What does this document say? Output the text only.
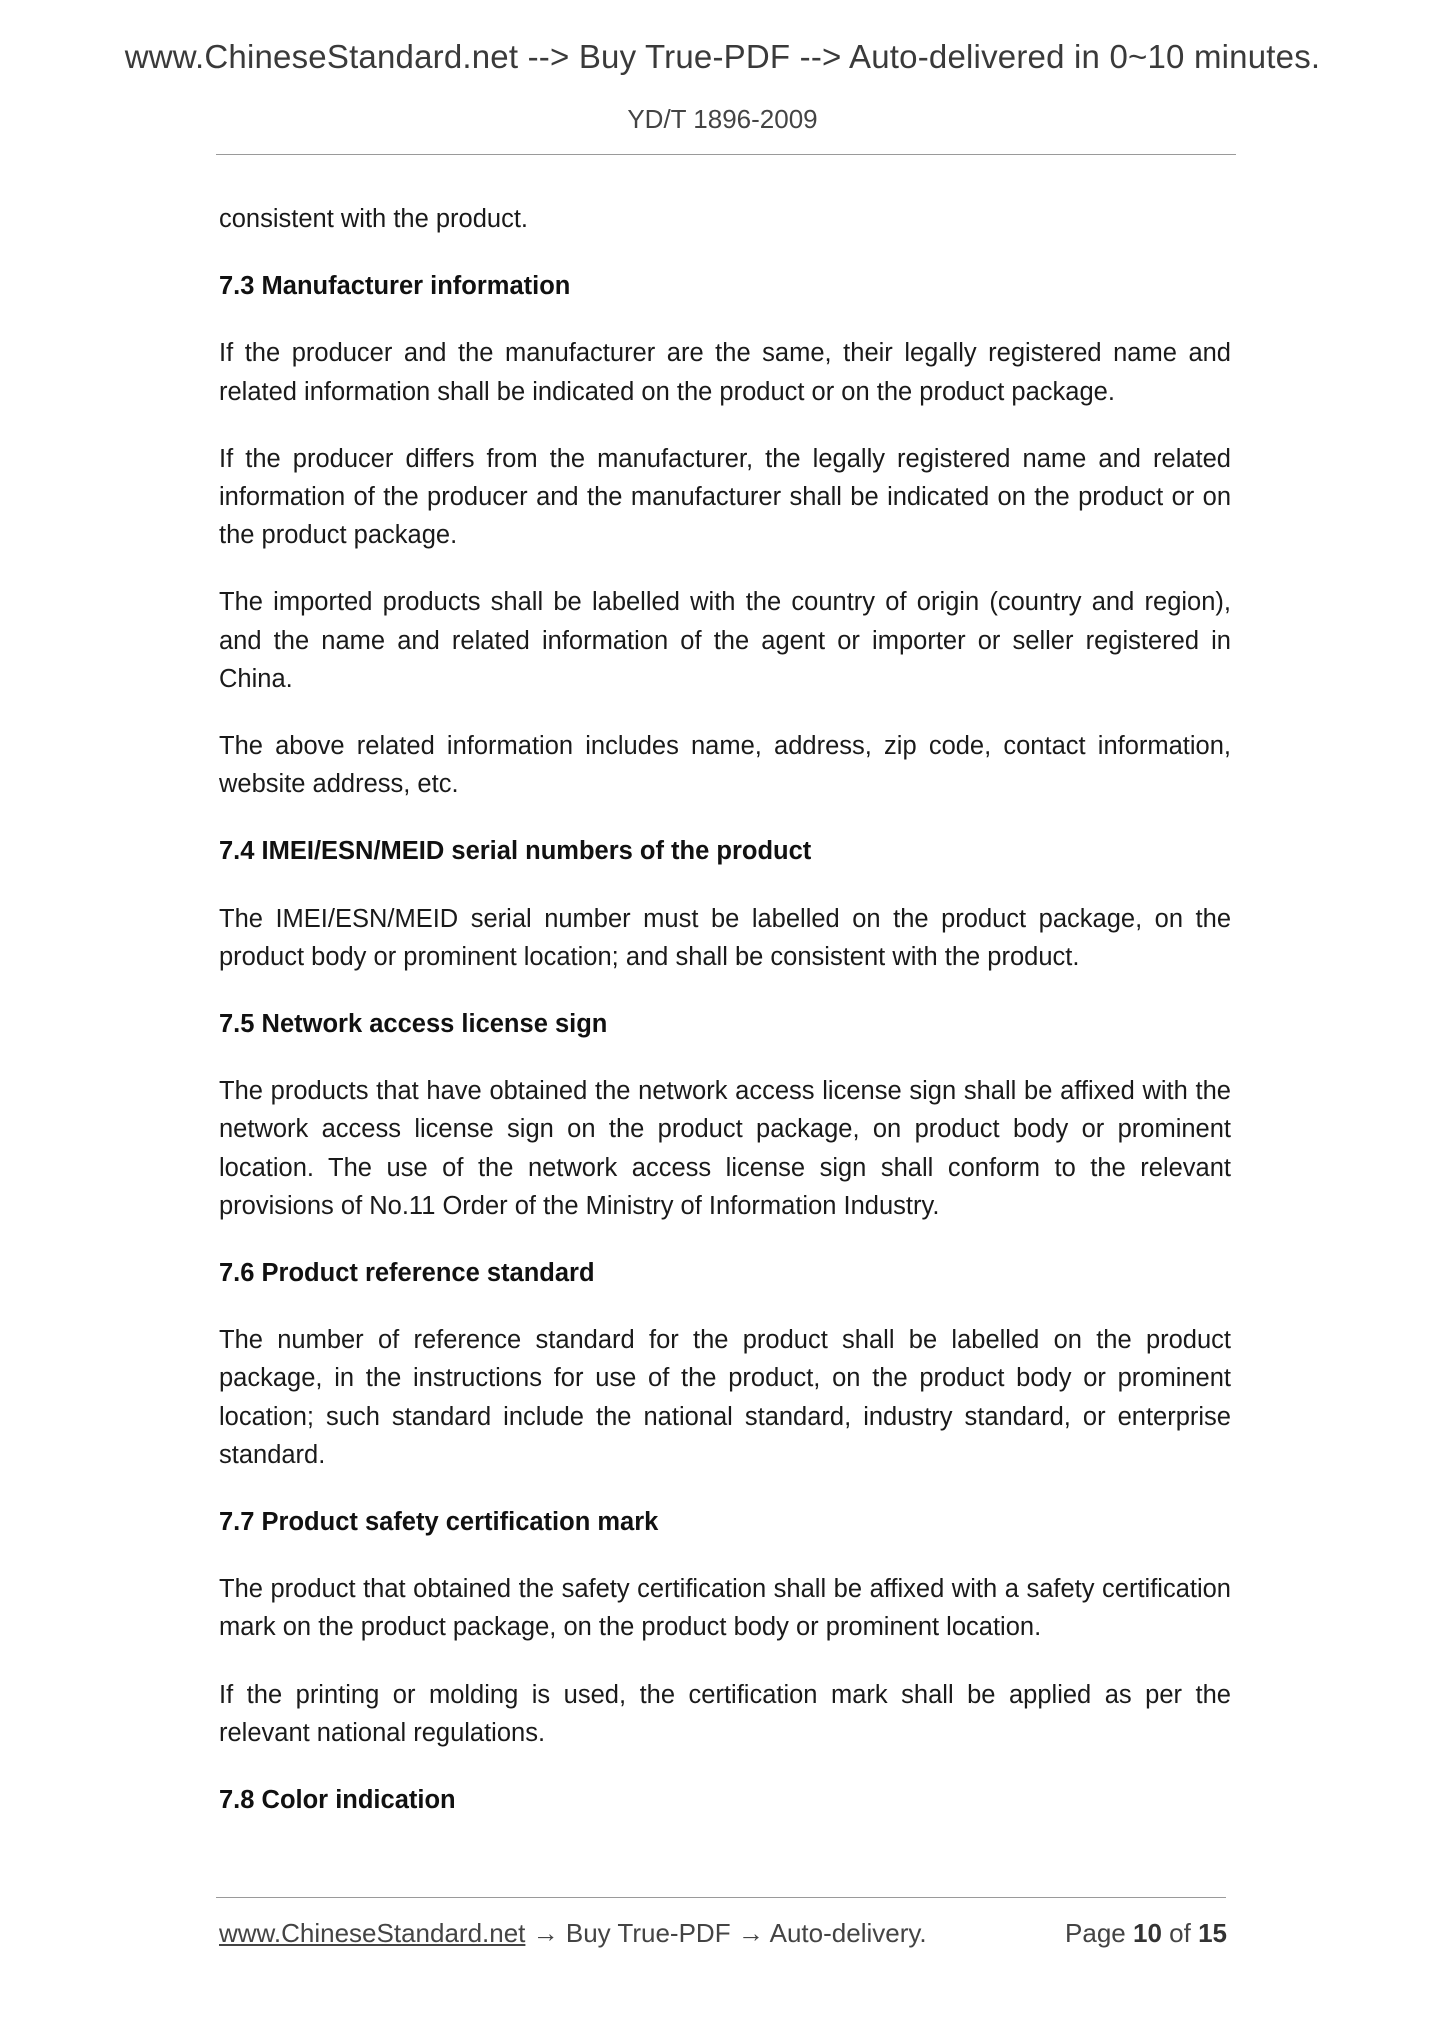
www.ChineseStandard.net --> Buy True-PDF --> Auto-delivered in 0~10 minutes.
YD/T 1896-2009

consistent with the product.

7.3 Manufacturer information

If the producer and the manufacturer are the same, their legally registered name and related information shall be indicated on the product or on the product package.

If the producer differs from the manufacturer, the legally registered name and related information of the producer and the manufacturer shall be indicated on the product or on the product package.

The imported products shall be labelled with the country of origin (country and region), and the name and related information of the agent or importer or seller registered in China.

The above related information includes name, address, zip code, contact information, website address, etc.

7.4 IMEI/ESN/MEID serial numbers of the product

The IMEI/ESN/MEID serial number must be labelled on the product package, on the product body or prominent location; and shall be consistent with the product.

7.5 Network access license sign

The products that have obtained the network access license sign shall be affixed with the network access license sign on the product package, on product body or prominent location. The use of the network access license sign shall conform to the relevant provisions of No.11 Order of the Ministry of Information Industry.

7.6 Product reference standard

The number of reference standard for the product shall be labelled on the product package, in the instructions for use of the product, on the product body or prominent location; such standard include the national standard, industry standard, or enterprise standard.

7.7 Product safety certification mark

The product that obtained the safety certification shall be affixed with a safety certification mark on the product package, on the product body or prominent location.

If the printing or molding is used, the certification mark shall be applied as per the relevant national regulations.

7.8 Color indication

www.ChineseStandard.net → Buy True-PDF → Auto-delivery.	Page 10 of 15
